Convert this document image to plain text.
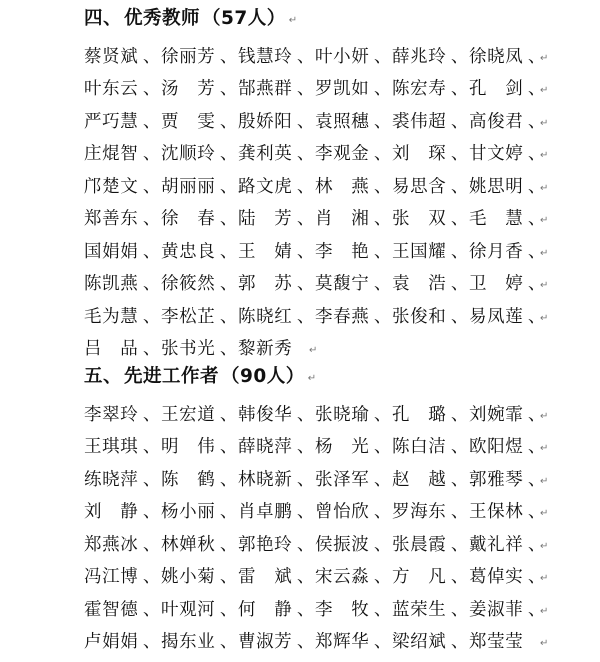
四 、 优秀教师 （57人） ↵
蔡贤斌 、	徐丽芳 、	钱慧玲 、	叶小妍 、	薛兆玲 、	徐晓凤 、	↵
叶东云 、	汤　芳 、	郜燕群 、	罗凯如 、	陈宏寿 、	孔　剑 、	↵
严巧慧 、	贾　雯 、	殷娇阳 、	袁照穗 、	裘伟超 、	高俊君 、	↵
庄焜智 、	沈顺玲 、	龚利英 、	李观金 、	刘　琛 、	甘文婷 、	↵
邝楚文 、	胡丽丽 、	路文虎 、	林　燕 、	易思含 、	姚思明 、	↵
郑善东 、	徐　春 、	陆　芳 、	肖　湘 、	张　双 、	毛　慧 、	↵
国娟娟 、	黄忠良 、	王　婧 、	李　艳 、	王国耀 、	徐月香 、	↵
陈凯燕 、	徐筱然 、	郭　苏 、	莫馥宁 、	袁　浩 、	卫　婷 、	↵
毛为慧 、	李松芷 、	陈晓红 、	李春燕 、	张俊和 、	易凤莲 、	↵
吕　品 、	张书光 、	黎新秀	↵
五 、 先进工作者 （90人） ↵
李翠玲 、	王宏道 、	韩俊华 、	张晓瑜 、	孔　璐 、	刘婉霏 、	↵
王琪琪 、	明　伟 、	薛晓萍 、	杨　光 、	陈白洁 、	欧阳煜 、	↵
练晓萍 、	陈　鹤 、	林晓新 、	张泽军 、	赵　越 、	郭雅琴 、	↵
刘　静 、	杨小丽 、	肖卓鹏 、	曾怡欣 、	罗海东 、	王保林 、	↵
郑燕冰 、	林婵秋 、	郭艳玲 、	侯振波 、	张晨霞 、	戴礼祥 、	↵
冯江博 、	姚小菊 、	雷　斌 、	宋云淼 、	方　凡 、	葛倬实 、	↵
霍智德 、	叶观河 、	何　静 、	李　牧 、	蓝荣生 、	姜淑菲 、	↵
卢娟娟 、	揭东业 、	曹淑芳 、	郑辉华 、	梁绍斌 、	郑莹莹	↵
